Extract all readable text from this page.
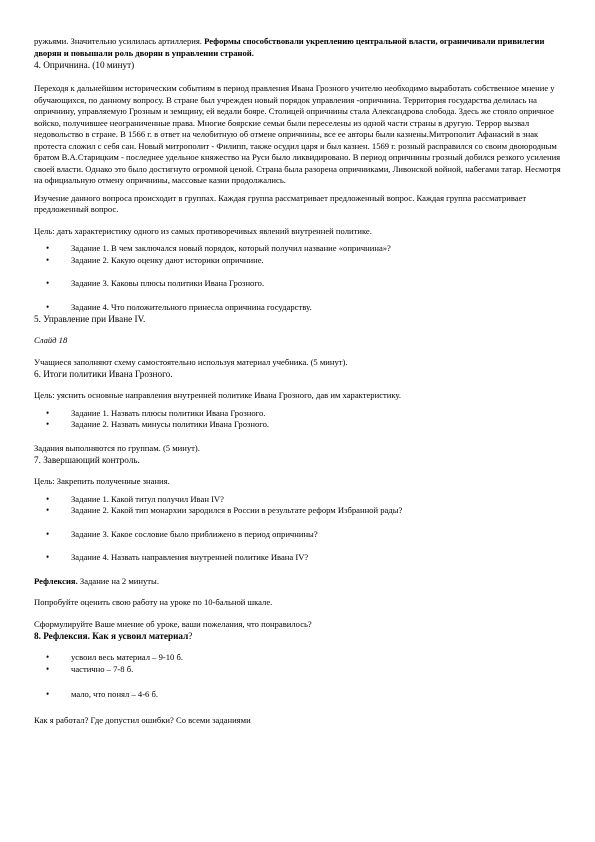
ружьями. Значительно усилилась артиллерия. Реформы способствовали укреплению центральной власти, ограничивали привилегии дворян и повышали роль дворян в управлении страной.

4. Опричнина. (10 минут)

Переходя к дальнейшим историческим событиям в период правления Ивана Грозного учителю необходимо выработать собственное мнение у обучающихся, по данному вопросу. В стране был учрежден новый порядок управления -опричнина. Территория государства делилась на опричнину, управляемую Грозным и земщину, ей ведали бояре. Столицей опричнины стала Александрова слобода. Здесь же стояло опричное войско, получившее неограниченные права. Многие боярские семьи были переселены из одной части страны в другую. Террор вызвал недовольство в стране. В 1566 г. в ответ на челобитную об отмене опричнины, все ее авторы были казнены.Митрополит Афанасий в знак протеста сложил с себя сан. Новый митрополит - Филипп, также осудил царя и был казнен. 1569 г. розный расправился со своим двоюродным братом В.А.Старицким - последнее удельное княжество на Руси было ликвидировано. В период опричнины грозный добился резкого усиления своей власти. Однако это было достигнуто огромной ценой. Страна была разорена опричниками, Ливонской войной, набегами татар. Несмотря на официальную отмену опричнины, массовые казни продолжались.

Изучение данного вопроса происходит в группах. Каждая группа рассматривает предложенный вопрос. Каждая группа рассматривает предложенный вопрос.

Цель: дать характеристику одного из самых противоречивых явлений внутренней политике.

• Задание 1. В чем заключался новый порядок, который получил название «опричнина»?
• Задание 2. Какую оценку дают историки опричнине.
• Задание 3. Каковы плюсы политики Ивана Грозного.
• Задание 4. Что положительного принесла опричнина государству.

5. Управление при Иване IV.

Слайд 18

Учащиеся заполняют схему самостоятельно используя материал учебника. (5 минут).

6. Итоги политики Ивана Грозного.

Цель: уяснить основные направления внутренней политике Ивана Грозного, дав им характеристику.

• Задание 1. Назвать плюсы политики Ивана Грозного.
• Задание 2. Назвать минусы политики Ивана Грозного.

Задания выполняются по группам. (5 минут).

7. Завершающий контроль.

Цель: Закрепить полученные знания.

• Задание 1. Какой титул получил Иван IV?
• Задание 2. Какой тип монархии зародился в России в результате реформ Избранной рады?
• Задание 3. Какое сословие было приближено в период опричнины?
• Задание 4. Назвать направления внутренней политике Ивана IV?

Рефлексия. Задание на 2 минуты.

Попробуйте оценить свою работу на уроке по 10-бальной шкале.

Сформулируйте Ваше мнение об уроке, ваши пожелания, что понравилось?

8. Рефлексия. Как я усвоил материал?

• усвоил весь материал – 9-10 б.
• частично – 7-8 б.
• мало, что понял – 4-6 б.

Как я работал? Где допустил ошибки? Со всеми заданиями
